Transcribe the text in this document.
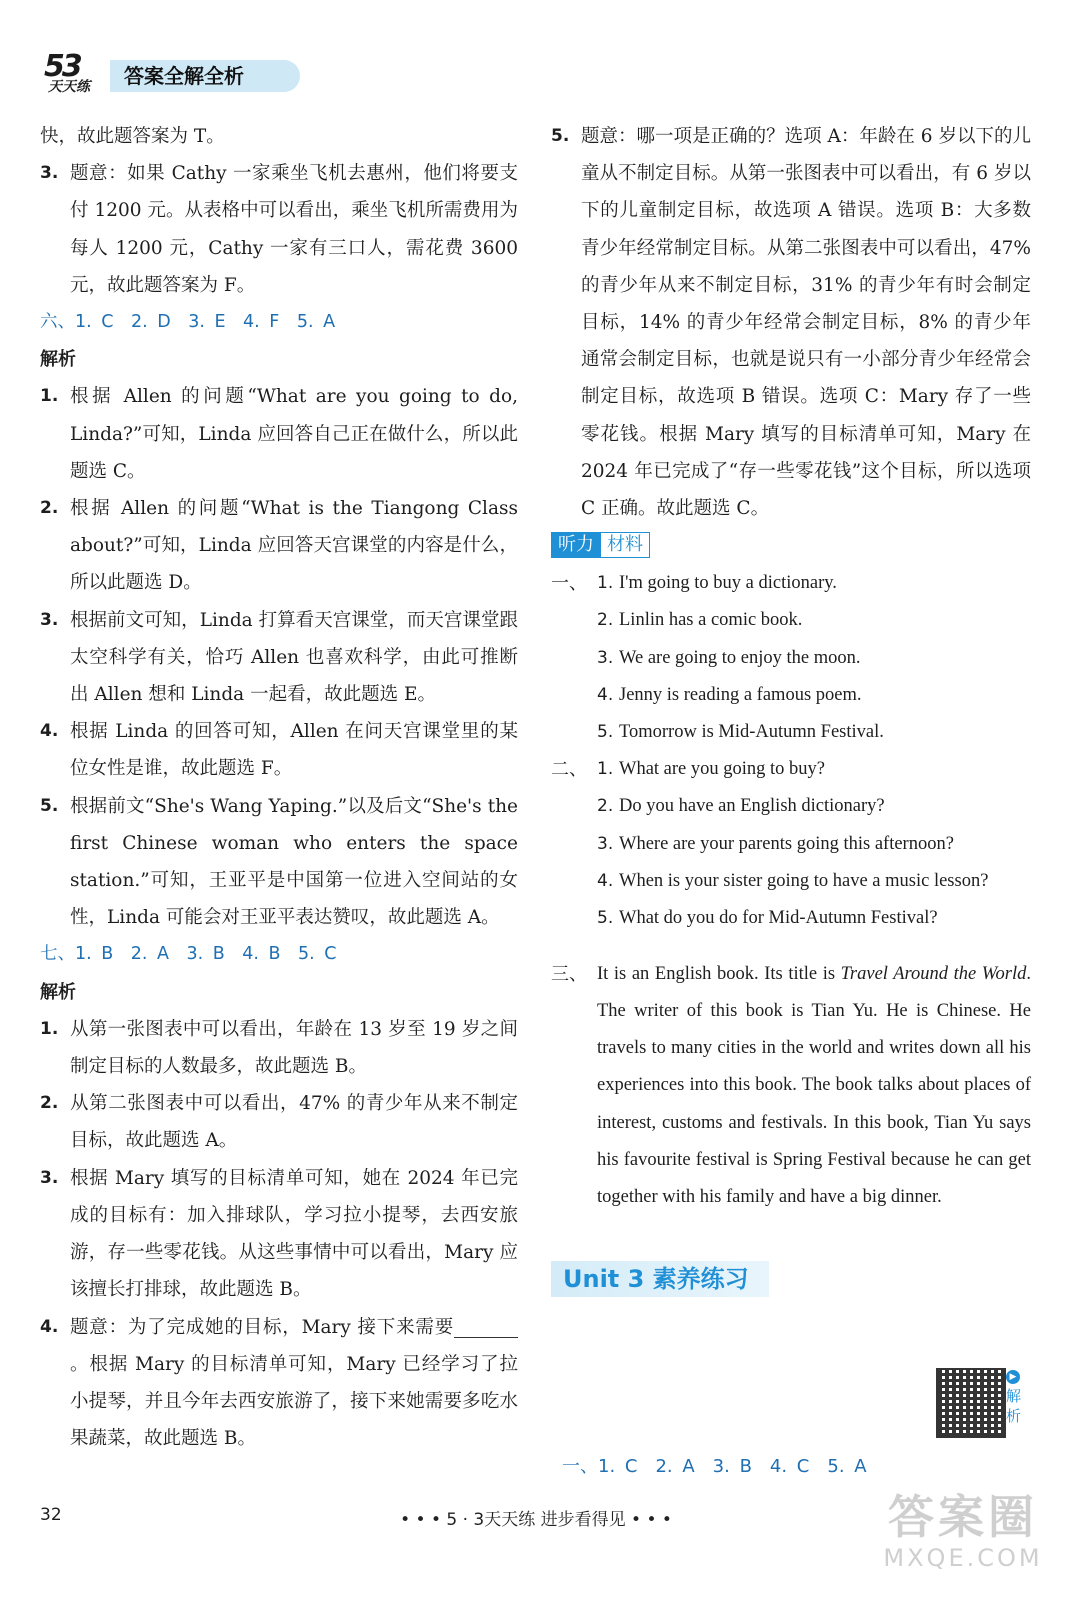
53
天天练	答案全解全析

快，故此题答案为 T。

3. 题意：如果 Cathy 一家乘坐飞机去惠州，他们将要支付 1200 元。从表格中可以看出，乘坐飞机所需费用为每人 1200 元，Cathy 一家有三口人，需花费 3600 元，故此题答案为 F。

六、1. C　2. D　3. E　4. F　5. A

解析

1. 根据 Allen 的问题“What are you going to do, Linda?”可知，Linda 应回答自己正在做什么，所以此题选 C。

2. 根据 Allen 的问题“What is the Tiangong Class about?”可知，Linda 应回答天宫课堂的内容是什么，所以此题选 D。

3. 根据前文可知，Linda 打算看天宫课堂，而天宫课堂跟太空科学有关，恰巧 Allen 也喜欢科学，由此可推断出 Allen 想和 Linda 一起看，故此题选 E。

4. 根据 Linda 的回答可知，Allen 在问天宫课堂里的某位女性是谁，故此题选 F。

5. 根据前文“She's Wang Yaping.”以及后文“She's the first Chinese woman who enters the space station.”可知，王亚平是中国第一位进入空间站的女性，Linda 可能会对王亚平表达赞叹，故此题选 A。

七、1. B　2. A　3. B　4. B　5. C

解析

1. 从第一张图表中可以看出，年龄在 13 岁至 19 岁之间制定目标的人数最多，故此题选 B。

2. 从第二张图表中可以看出，47% 的青少年从来不制定目标，故此题选 A。

3. 根据 Mary 填写的目标清单可知，她在 2024 年已完成的目标有：加入排球队，学习拉小提琴，去西安旅游，存一些零花钱。从这些事情中可以看出，Mary 应该擅长打排球，故此题选 B。

4. 题意：为了完成她的目标，Mary 接下来需要。根据 Mary 的目标清单可知，Mary 已经学习了拉小提琴，并且今年去西安旅游了，接下来她需要多吃水果蔬菜，故此题选 B。

5. 题意：哪一项是正确的？选项 A：年龄在 6 岁以下的儿童从不制定目标。从第一张图表中可以看出，有 6 岁以下的儿童制定目标，故选项 A 错误。选项 B：大多数青少年经常制定目标。从第二张图表中可以看出，47% 的青少年从来不制定目标，31% 的青少年有时会制定目标，14% 的青少年经常会制定目标，8% 的青少年通常会制定目标，也就是说只有一小部分青少年经常会制定目标，故选项 B 错误。选项 C：Mary 存了一些零花钱。根据 Mary 填写的目标清单可知，Mary 在 2024 年已完成了“存一些零花钱”这个目标，所以选项 C 正确。故此题选 C。

听力 材料
一、 1. I'm going to buy a dictionary.

2. Linlin has a comic book.

3. We are going to enjoy the moon.

4. Jenny is reading a famous poem.

5. Tomorrow is Mid-Autumn Festival.

二、 1. What are you going to buy?

2. Do you have an English dictionary?

3. Where are your parents going this afternoon?

4. When is your sister going to have a music lesson?

5. What do you do for Mid-Autumn Festival?

三、 It is an English book. Its title is Travel Around the World. The writer of this book is Tian Yu. He is Chinese. He travels to many cities in the world and writes down all his experiences into this book. The book talks about places of interest, customs and festivals. In this book, Tian Yu says his favourite festival is Spring Festival because he can get together with his family and have a big dinner.

Unit 3 素养练习
▶
解析
一、1. C　2. A　3. B　4. C　5. A
32	• • • 5 · 3天天练 进步看得见 • • •	答案圈
MXQE.COM
